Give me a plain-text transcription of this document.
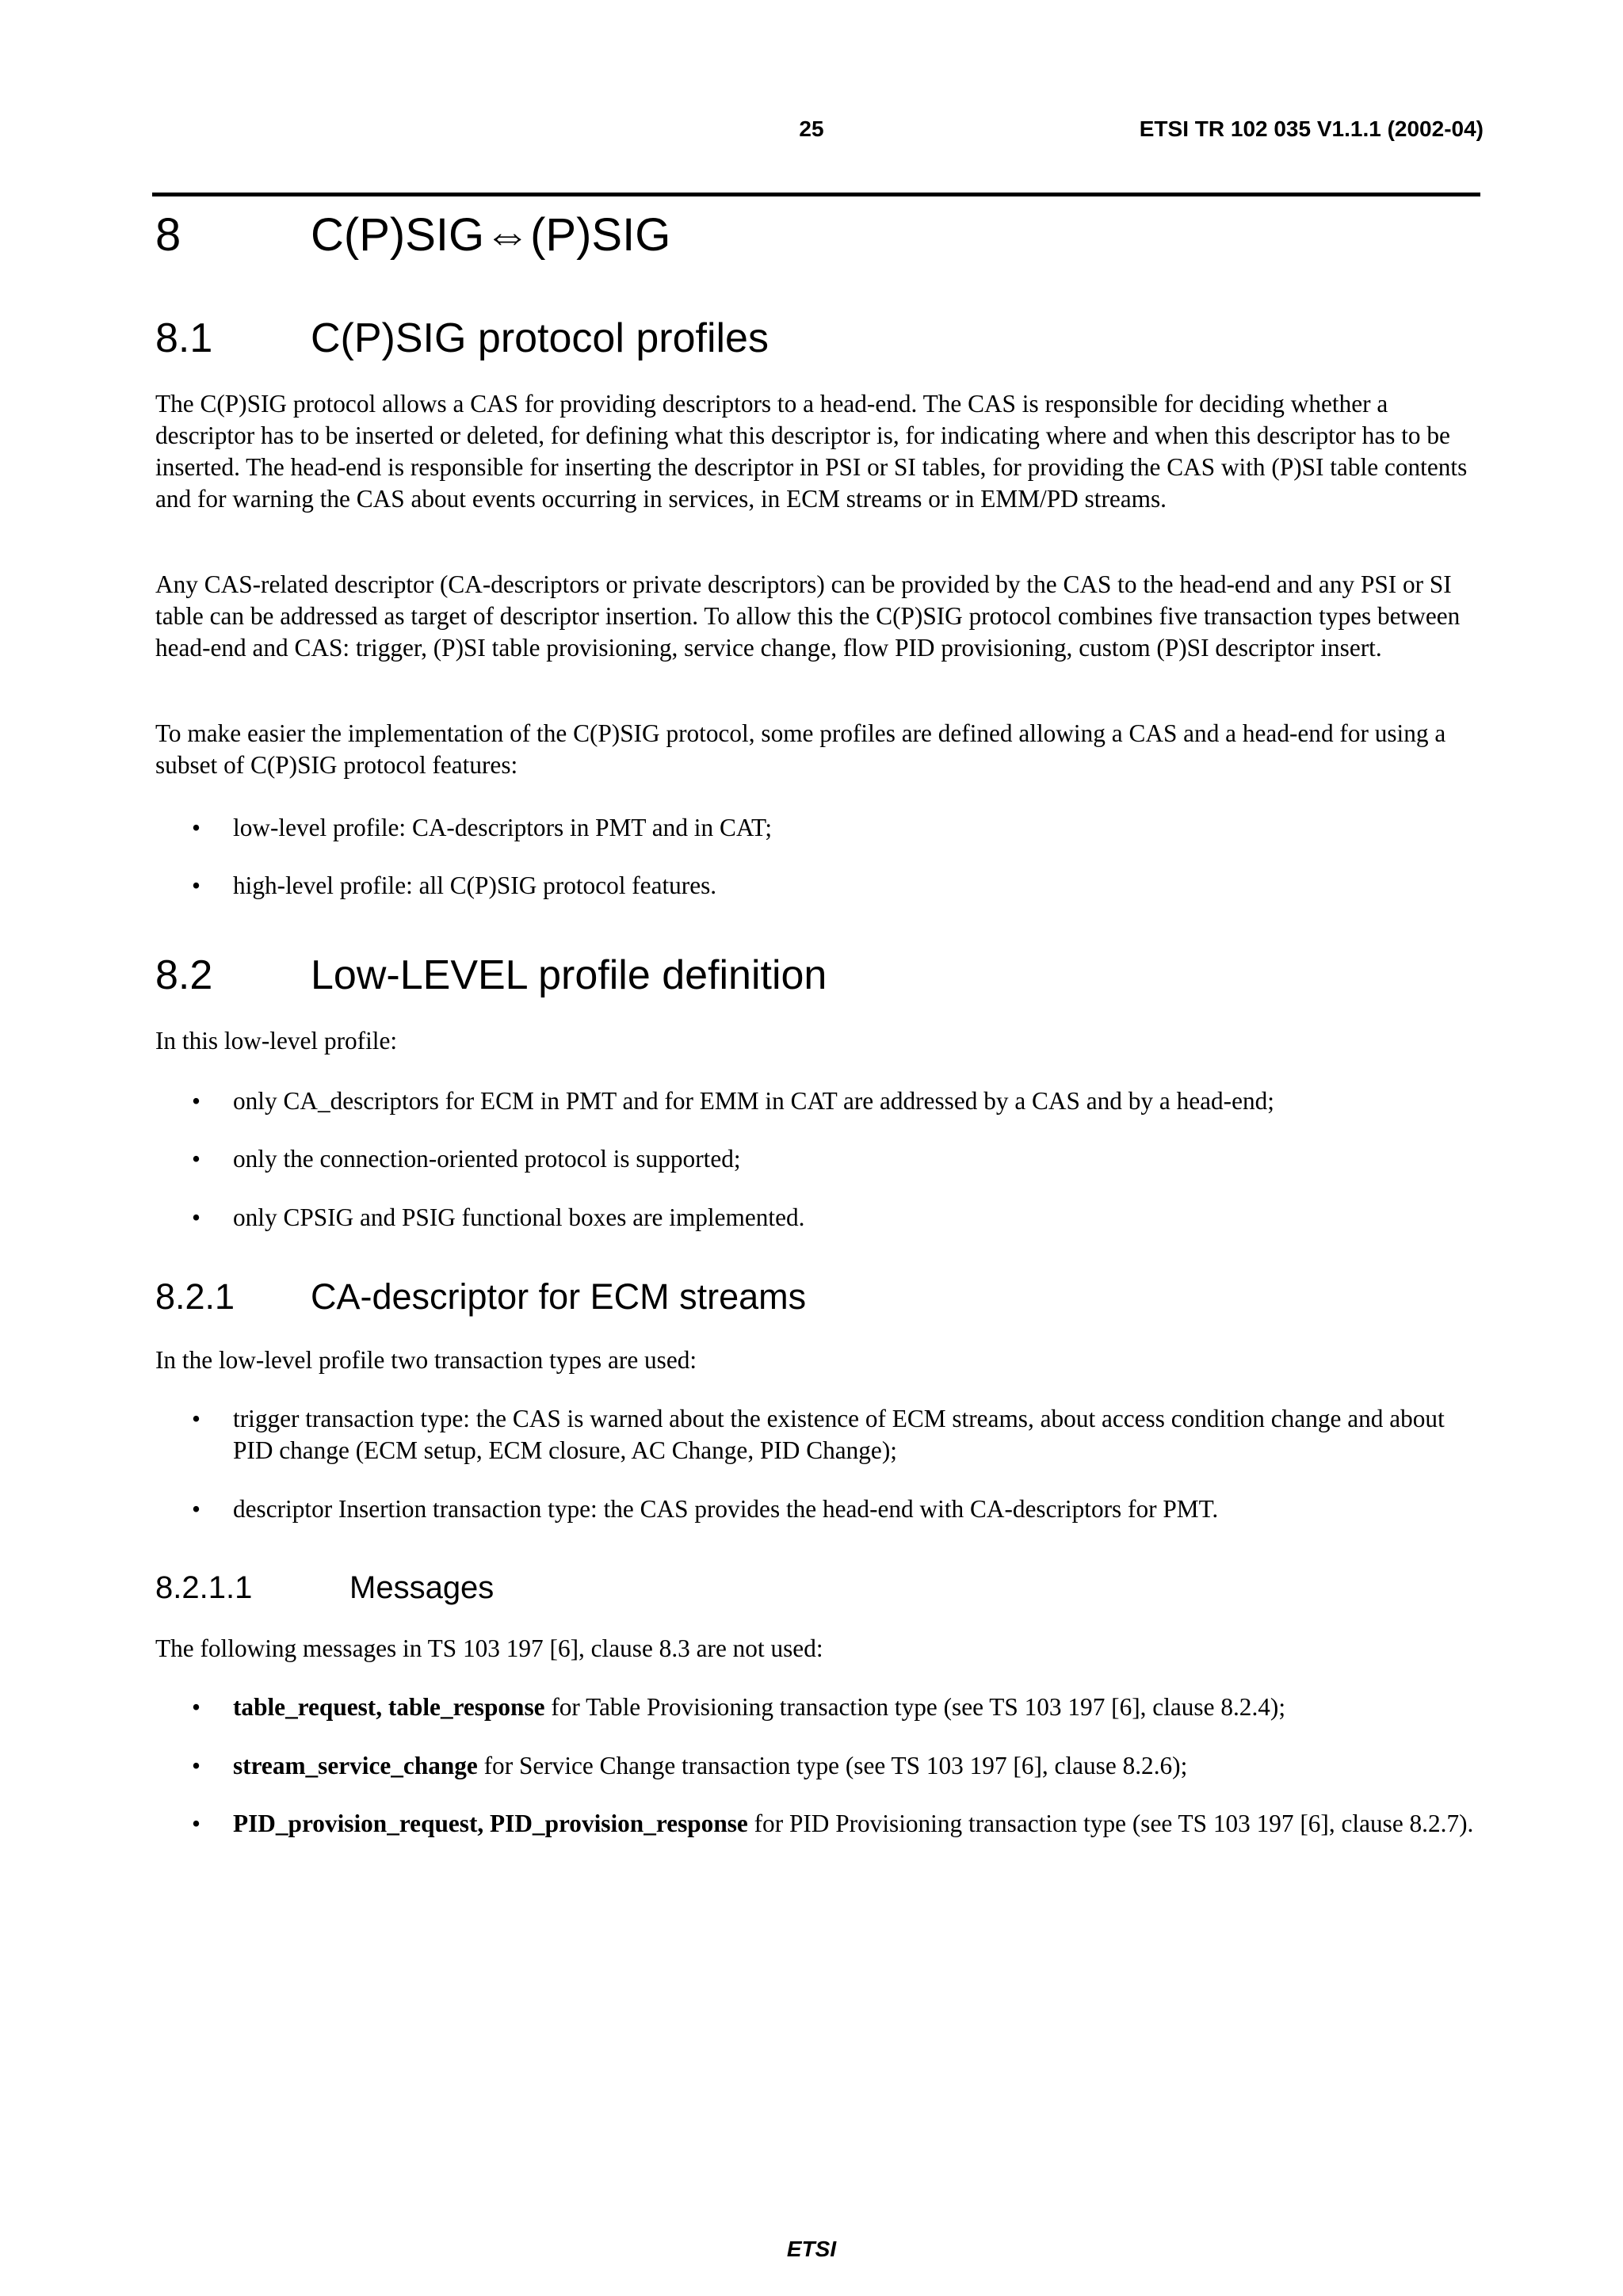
25	ETSI TR 102 035 V1.1.1 (2002-04)
8	C(P)SIG⇔(P)SIG
8.1 C(P)SIG protocol profiles

The C(P)SIG protocol allows a CAS for providing descriptors to a head-end. The CAS is responsible for deciding whether a descriptor has to be inserted or deleted, for defining what this descriptor is, for indicating where and when this descriptor has to be inserted. The head-end is responsible for inserting the descriptor in PSI or SI tables, for providing the CAS with (P)SI table contents and for warning the CAS about events occurring in services, in ECM streams or in EMM/PD streams.

Any CAS-related descriptor (CA-descriptors or private descriptors) can be provided by the CAS to the head-end and any PSI or SI table can be addressed as target of descriptor insertion. To allow this the C(P)SIG protocol combines five transaction types between head-end and CAS: trigger, (P)SI table provisioning, service change, flow PID provisioning, custom (P)SI descriptor insert.

To make easier the implementation of the C(P)SIG protocol, some profiles are defined allowing a CAS and a head-end for using a subset of C(P)SIG protocol features:

• low-level profile: CA-descriptors in PMT and in CAT;

• high-level profile: all C(P)SIG protocol features.

8.2 Low-LEVEL profile definition

In this low-level profile:

• only CA_descriptors for ECM in PMT and for EMM in CAT are addressed by a CAS and by a head-end;

• only the connection-oriented protocol is supported;

• only CPSIG and PSIG functional boxes are implemented.

8.2.1 CA-descriptor for ECM streams

In the low-level profile two transaction types are used:

• trigger transaction type: the CAS is warned about the existence of ECM streams, about access condition change and about PID change (ECM setup, ECM closure, AC Change, PID Change);

• descriptor Insertion transaction type: the CAS provides the head-end with CA-descriptors for PMT.

8.2.1.1	Messages

The following messages in TS 103 197 [6], clause 8.3 are not used:

• table_request, table_response for Table Provisioning transaction type (see TS 103 197 [6], clause 8.2.4);

• stream_service_change for Service Change transaction type (see TS 103 197 [6], clause 8.2.6);

• PID_provision_request, PID_provision_response for PID Provisioning transaction type (see TS 103 197 [6], clause 8.2.7).

ETSI
